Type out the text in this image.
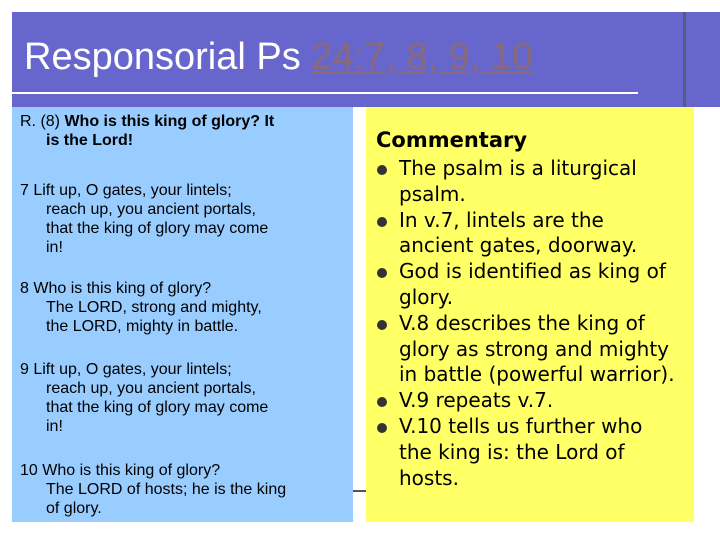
Responsorial Ps 24:7, 8, 9, 10
R. (8) Who is this king of glory? It
is the Lord!
7 Lift up, O gates, your lintels;
reach up, you ancient portals,
that the king of glory may come
in!
8 Who is this king of glory?
The LORD, strong and mighty,
the LORD, mighty in battle.
9 Lift up, O gates, your lintels;
reach up, you ancient portals,
that the king of glory may come
in!
10 Who is this king of glory?
The LORD of hosts; he is the king
of glory.
Commentary
The psalm is a liturgical
psalm.
In v.7, lintels are the
ancient gates, doorway.
God is identified as king of
glory.
V.8 describes the king of
glory as strong and mighty
in battle (powerful warrior).
V.9 repeats v.7.
V.10 tells us further who
the king is: the Lord of
hosts.
